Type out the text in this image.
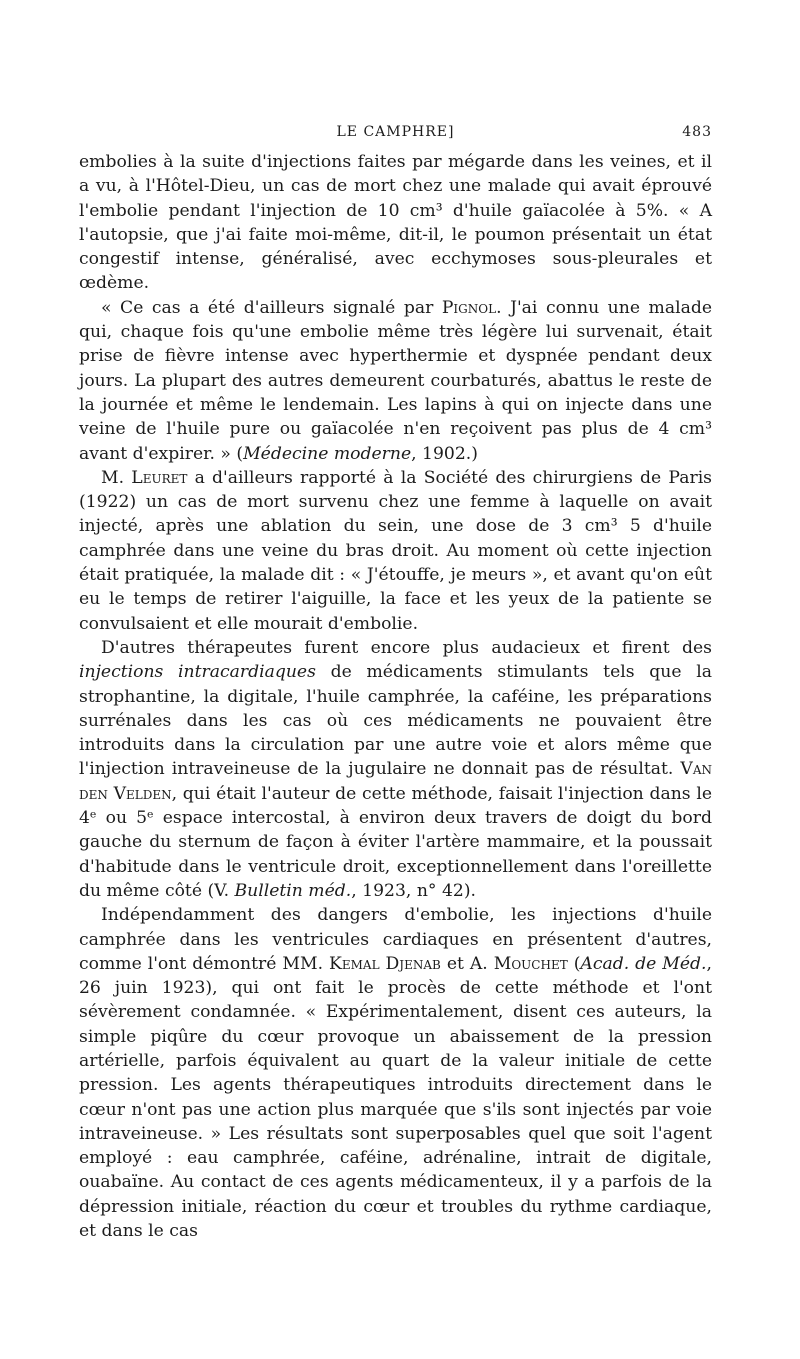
LE CAMPHRE]	483

embolies à la suite d'injections faites par mégarde dans les veines, et il a vu, à l'Hôtel-Dieu, un cas de mort chez une malade qui avait éprouvé l'embolie pendant l'injection de 10 cm³ d'huile gaïacolée à 5%. « A l'autopsie, que j'ai faite moi-même, dit-il, le poumon présentait un état congestif intense, généralisé, avec ecchymoses sous-pleurales et œdème.

« Ce cas a été d'ailleurs signalé par Pignol. J'ai connu une malade qui, chaque fois qu'une embolie même très légère lui survenait, était prise de fièvre intense avec hyperthermie et dyspnée pendant deux jours. La plupart des autres demeurent courbaturés, abattus le reste de la journée et même le lendemain. Les lapins à qui on injecte dans une veine de l'huile pure ou gaïacolée n'en reçoivent pas plus de 4 cm³ avant d'expirer. » (Médecine moderne, 1902.)

M. Leuret a d'ailleurs rapporté à la Société des chirurgiens de Paris (1922) un cas de mort survenu chez une femme à laquelle on avait injecté, après une ablation du sein, une dose de 3 cm³ 5 d'huile camphrée dans une veine du bras droit. Au moment où cette injection était pratiquée, la malade dit : « J'étouffe, je meurs », et avant qu'on eût eu le temps de retirer l'aiguille, la face et les yeux de la patiente se convulsaient et elle mourait d'embolie.

D'autres thérapeutes furent encore plus audacieux et firent des injections intracardiaques de médicaments stimulants tels que la strophantine, la digitale, l'huile camphrée, la caféine, les préparations surrénales dans les cas où ces médicaments ne pouvaient être introduits dans la circulation par une autre voie et alors même que l'injection intraveineuse de la jugulaire ne donnait pas de résultat. Van den Velden, qui était l'auteur de cette méthode, faisait l'injection dans le 4ᵉ ou 5ᵉ espace intercostal, à environ deux travers de doigt du bord gauche du sternum de façon à éviter l'artère mammaire, et la poussait d'habitude dans le ventricule droit, exceptionnellement dans l'oreillette du même côté (V. Bulletin méd., 1923, n° 42).

Indépendamment des dangers d'embolie, les injections d'huile camphrée dans les ventricules cardiaques en présentent d'autres, comme l'ont démontré MM. Kemal Djenab et A. Mouchet (Acad. de Méd., 26 juin 1923), qui ont fait le procès de cette méthode et l'ont sévèrement condamnée. « Expérimentalement, disent ces auteurs, la simple piqûre du cœur provoque un abaissement de la pression artérielle, parfois équivalent au quart de la valeur initiale de cette pression. Les agents thérapeutiques introduits directement dans le cœur n'ont pas une action plus marquée que s'ils sont injectés par voie intraveineuse. » Les résultats sont superposables quel que soit l'agent employé : eau camphrée, caféine, adrénaline, intrait de digitale, ouabaïne. Au contact de ces agents médicamenteux, il y a parfois de la dépression initiale, réaction du cœur et troubles du rythme cardiaque, et dans le cas
